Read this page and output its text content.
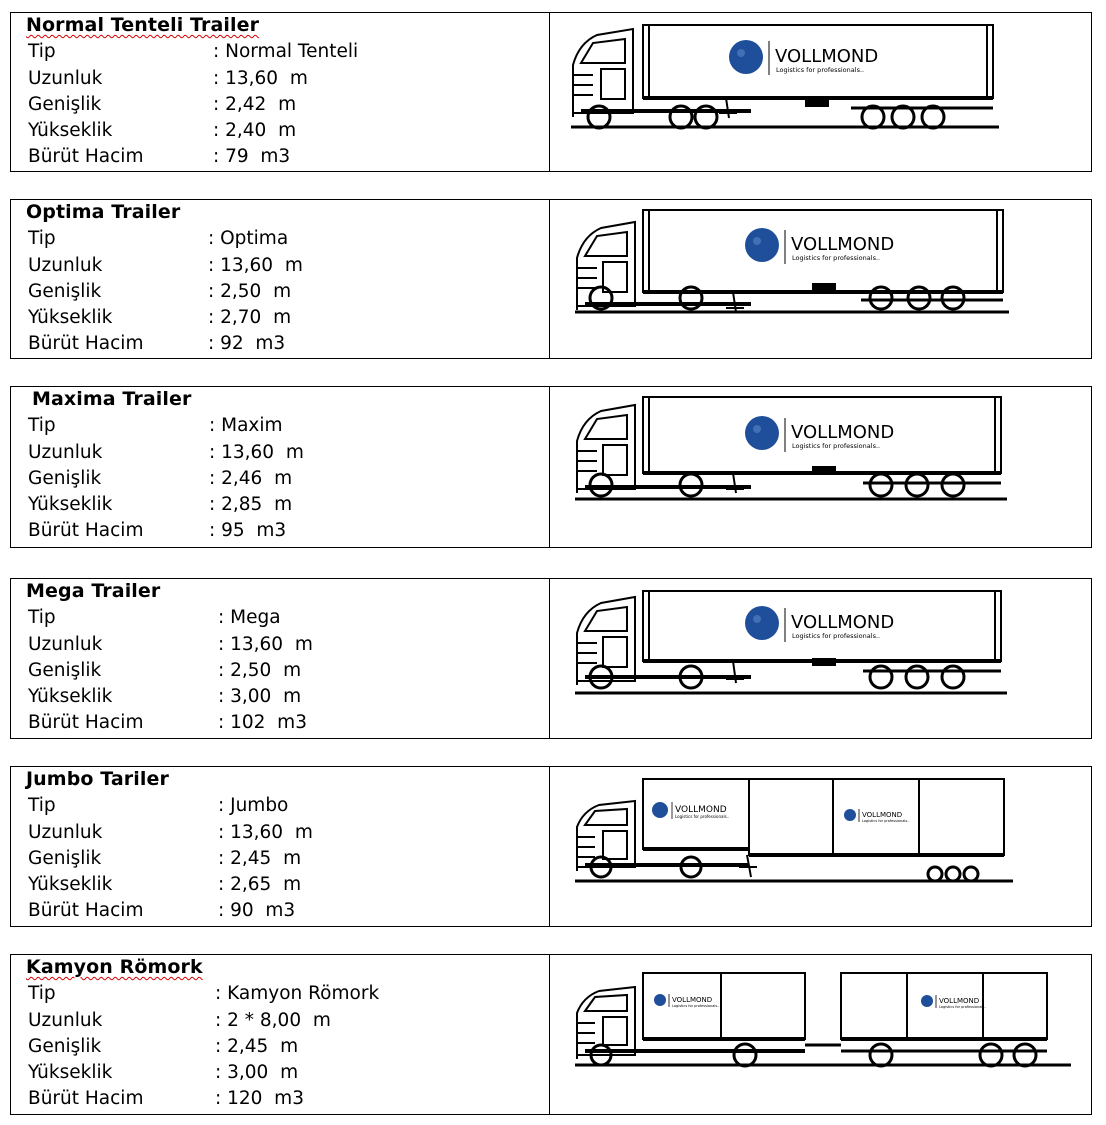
Normal Tenteli Trailer
Tip	: Normal Tenteli
Uzunluk	: 13,60  m
Genişlik	: 2,42  m
Yükseklik	: 2,40  m
Bürüt Hacim	: 79  m3
VOLLMOND
Logistics for professionals..
Optima Trailer
Tip	: Optima
Uzunluk	: 13,60  m
Genişlik	: 2,50  m
Yükseklik	: 2,70  m
Bürüt Hacim	: 92  m3
VOLLMOND
Logistics for professionals..
Maxima Trailer
Tip	: Maxim
Uzunluk	: 13,60  m
Genişlik	: 2,46  m
Yükseklik	: 2,85  m
Bürüt Hacim	: 95  m3
VOLLMOND
Logistics for professionals..
Mega Trailer
Tip	: Mega
Uzunluk	: 13,60  m
Genişlik	: 2,50  m
Yükseklik	: 3,00  m
Bürüt Hacim	: 102  m3
VOLLMOND
Logistics for professionals..
Jumbo Tariler
Tip	: Jumbo
Uzunluk	: 13,60  m
Genişlik	: 2,45  m
Yükseklik	: 2,65  m
Bürüt Hacim	: 90  m3
VOLLMOND
Logistics for professionals..	VOLLMOND
Logistics for professionals..
Kamyon Römork
Tip	: Kamyon Römork
Uzunluk	: 2 * 8,00  m
Genişlik	: 2,45  m
Yükseklik	: 3,00  m
Bürüt Hacim	: 120  m3
VOLLMOND
Logistics for professionals..
VOLLMOND
Logistics for professionals..
